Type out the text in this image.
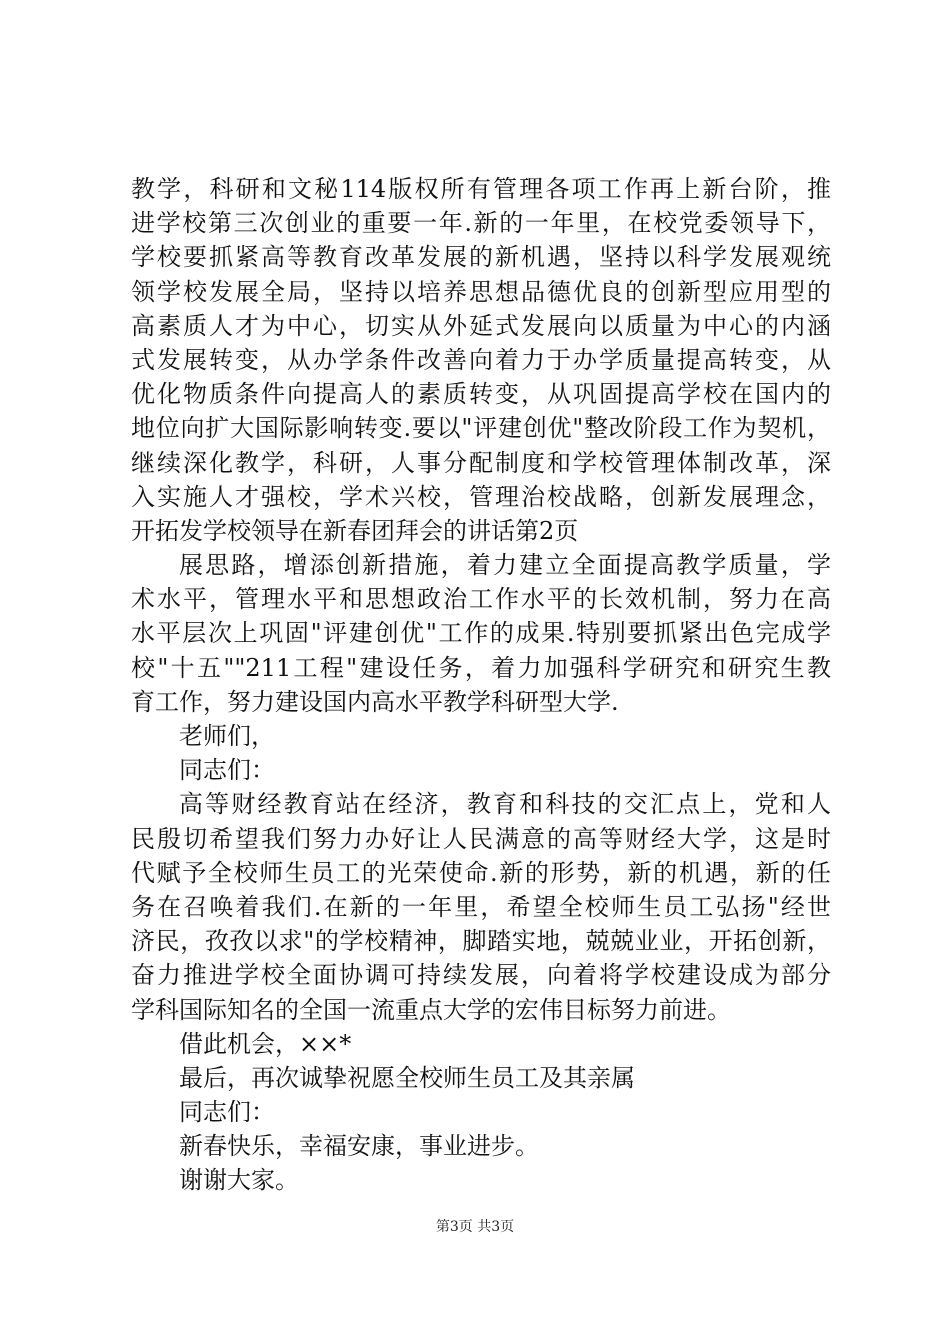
教学，科研和文秘114版权所有管理各项工作再上新台阶，推
进学校第三次创业的重要一年.新的一年里，在校党委领导下，
学校要抓紧高等教育改革发展的新机遇，坚持以科学发展观统
领学校发展全局，坚持以培养思想品德优良的创新型应用型的
高素质人才为中心，切实从外延式发展向以质量为中心的内涵
式发展转变，从办学条件改善向着力于办学质量提高转变，从
优化物质条件向提高人的素质转变，从巩固提高学校在国内的
地位向扩大国际影响转变.要以"评建创优"整改阶段工作为契机，
继续深化教学，科研，人事分配制度和学校管理体制改革，深
入实施人才强校，学术兴校，管理治校战略，创新发展理念，
开拓发学校领导在新春团拜会的讲话第2页
展思路，增添创新措施，着力建立全面提高教学质量，学
术水平，管理水平和思想政治工作水平的长效机制，努力在高
水平层次上巩固"评建创优"工作的成果.特别要抓紧出色完成学
校"十五""211工程"建设任务，着力加强科学研究和研究生教
育工作，努力建设国内高水平教学科研型大学.
老师们，
同志们：
高等财经教育站在经济，教育和科技的交汇点上，党和人
民殷切希望我们努力办好让人民满意的高等财经大学，这是时
代赋予全校师生员工的光荣使命.新的形势，新的机遇，新的任
务在召唤着我们.在新的一年里，希望全校师生员工弘扬"经世
济民，孜孜以求"的学校精神，脚踏实地，兢兢业业，开拓创新，
奋力推进学校全面协调可持续发展，向着将学校建设成为部分
学科国际知名的全国一流重点大学的宏伟目标努力前进。
借此机会，××*
最后，再次诚挚祝愿全校师生员工及其亲属
同志们：
新春快乐，幸福安康，事业进步。
谢谢大家。
第3页 共3页
